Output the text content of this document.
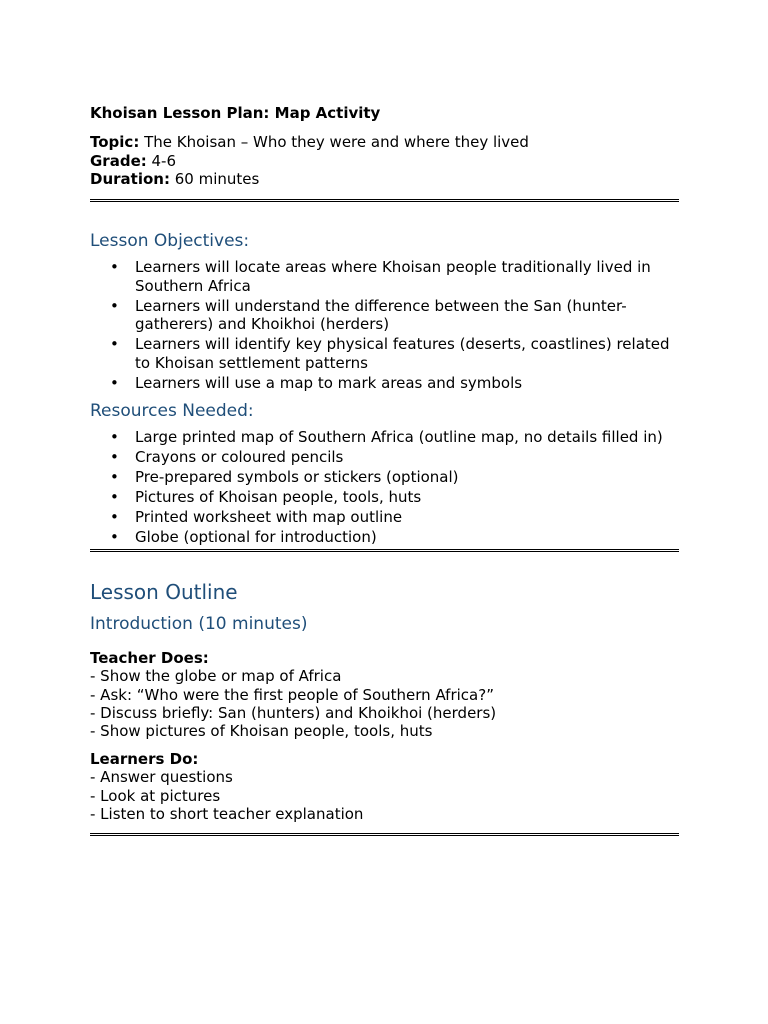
Khoisan Lesson Plan: Map Activity
Topic: The Khoisan – Who they were and where they lived
Grade: 4-6
Duration: 60 minutes
Lesson Objectives:
• Learners will locate areas where Khoisan people traditionally lived in Southern Africa
• Learners will understand the difference between the San (hunter-gatherers) and Khoikhoi (herders)
• Learners will identify key physical features (deserts, coastlines) related to Khoisan settlement patterns
• Learners will use a map to mark areas and symbols
Resources Needed:
• Large printed map of Southern Africa (outline map, no details filled in)
• Crayons or coloured pencils
• Pre-prepared symbols or stickers (optional)
• Pictures of Khoisan people, tools, huts
• Printed worksheet with map outline
• Globe (optional for introduction)
Lesson Outline
Introduction (10 minutes)
Teacher Does:
- Show the globe or map of Africa
- Ask: “Who were the first people of Southern Africa?”
- Discuss briefly: San (hunters) and Khoikhoi (herders)
- Show pictures of Khoisan people, tools, huts
Learners Do:
- Answer questions
- Look at pictures
- Listen to short teacher explanation
